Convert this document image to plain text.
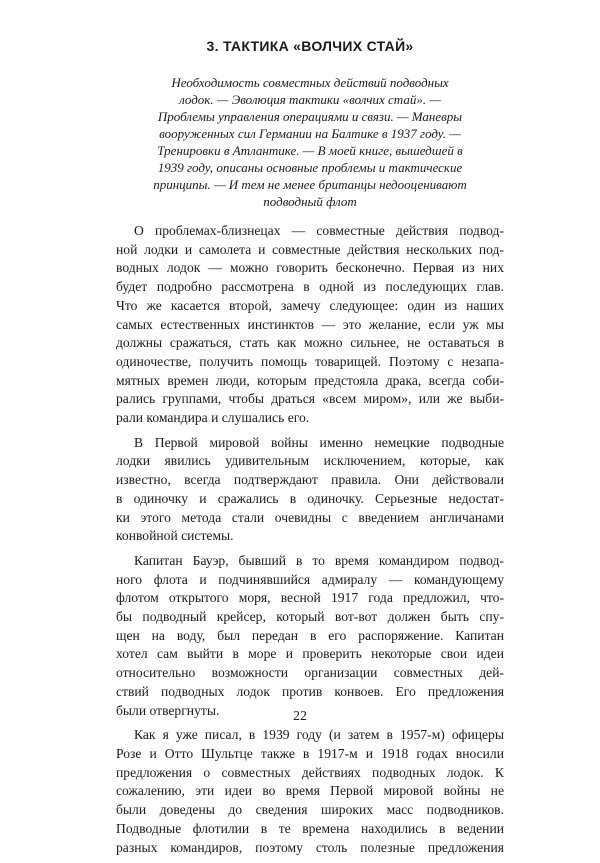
3. ТАКТИКА «ВОЛЧИХ СТАЙ»
Необходимость совместных действий подводных
лодок. — Эволюция тактики «волчих стай». —
Проблемы управления операциями и связи. — Маневры
вооруженных сил Германии на Балтике в 1937 году. —
Тренировки в Атлантике. — В моей книге, вышедшей в
1939 году, описаны основные проблемы и тактические
принципы. — И тем не менее британцы недооценивают
подводный флот

О проблемах-близнецах — совместные действия подвод-
ной лодки и самолета и совместные действия нескольких под-
водных лодок — можно говорить бесконечно. Первая из них
будет подробно рассмотрена в одной из последующих глав.
Что же касается второй, замечу следующее: один из наших
самых естественных инстинктов — это желание, если уж мы
должны сражаться, стать как можно сильнее, не оставаться в
одиночестве, получить помощь товарищей. Поэтому с незапа-
мятных времен люди, которым предстояла драка, всегда соби-
рались группами, чтобы драться «всем миром», или же выби-
рали командира и слушались его.

В Первой мировой войны именно немецкие подводные
лодки явились удивительным исключением, которые, как
известно, всегда подтверждают правила. Они действовали
в одиночку и сражались в одиночку. Серьезные недостат-
ки этого метода стали очевидны с введением англичанами
конвойной системы.

Капитан Бауэр, бывший в то время командиром подвод-
ного флота и подчинявшийся адмиралу — командующему
флотом открытого моря, весной 1917 года предложил, что-
бы подводный крейсер, который вот-вот должен быть спу-
щен на воду, был передан в его распоряжение. Капитан
хотел сам выйти в море и проверить некоторые свои идеи
относительно возможности организации совместных дей-
ствий подводных лодок против конвоев. Его предложения
были отвергнуты.

Как я уже писал, в 1939 году (и затем в 1957-м) офицеры
Розе и Отто Шультце также в 1917-м и 1918 годах вносили
предложения о совместных действиях подводных лодок. К
сожалению, эти идеи во время Первой мировой войны не
были доведены до сведения широких масс подводников.
Подводные флотилии в те времена находились в ведении
разных командиров, поэтому столь полезные предложения

22
